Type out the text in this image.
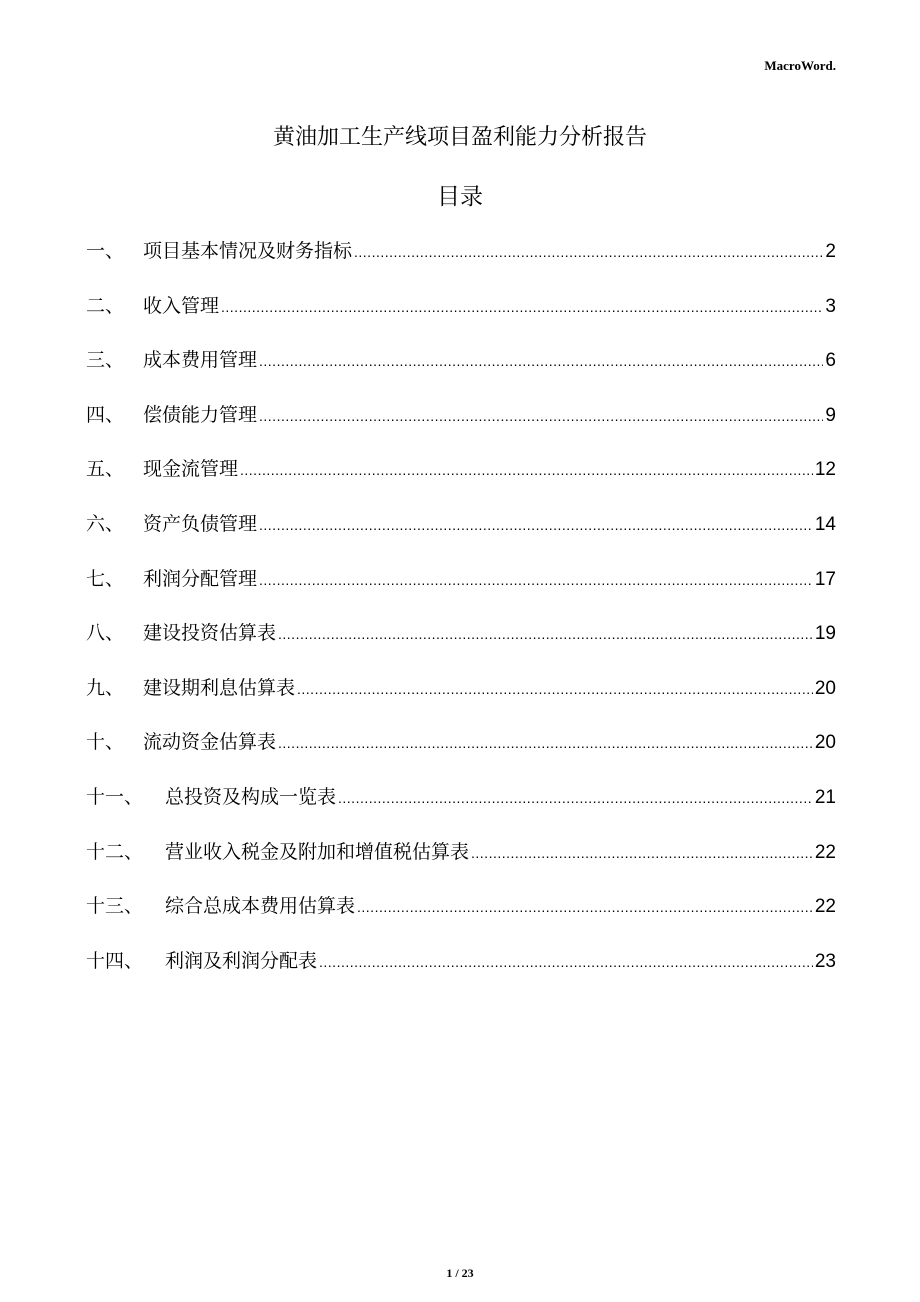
MacroWord.
黄油加工生产线项目盈利能力分析报告
目录
一、 项目基本情况及财务指标 .....	2
二、 收入管理 .....	3
三、 成本费用管理 .....	6
四、 偿债能力管理 .....	9
五、 现金流管理 .....	12
六、 资产负债管理 .....	14
七、 利润分配管理 .....	17
八、 建设投资估算表 .....	19
九、 建设期利息估算表 .....	20
十、 流动资金估算表 .....	20
十一、	总投资及构成一览表 .....	21
十二、	营业收入税金及附加和增值税估算表 .....	22
十三、	综合总成本费用估算表 .....	22
十四、	利润及利润分配表 .....	23
1 / 23
